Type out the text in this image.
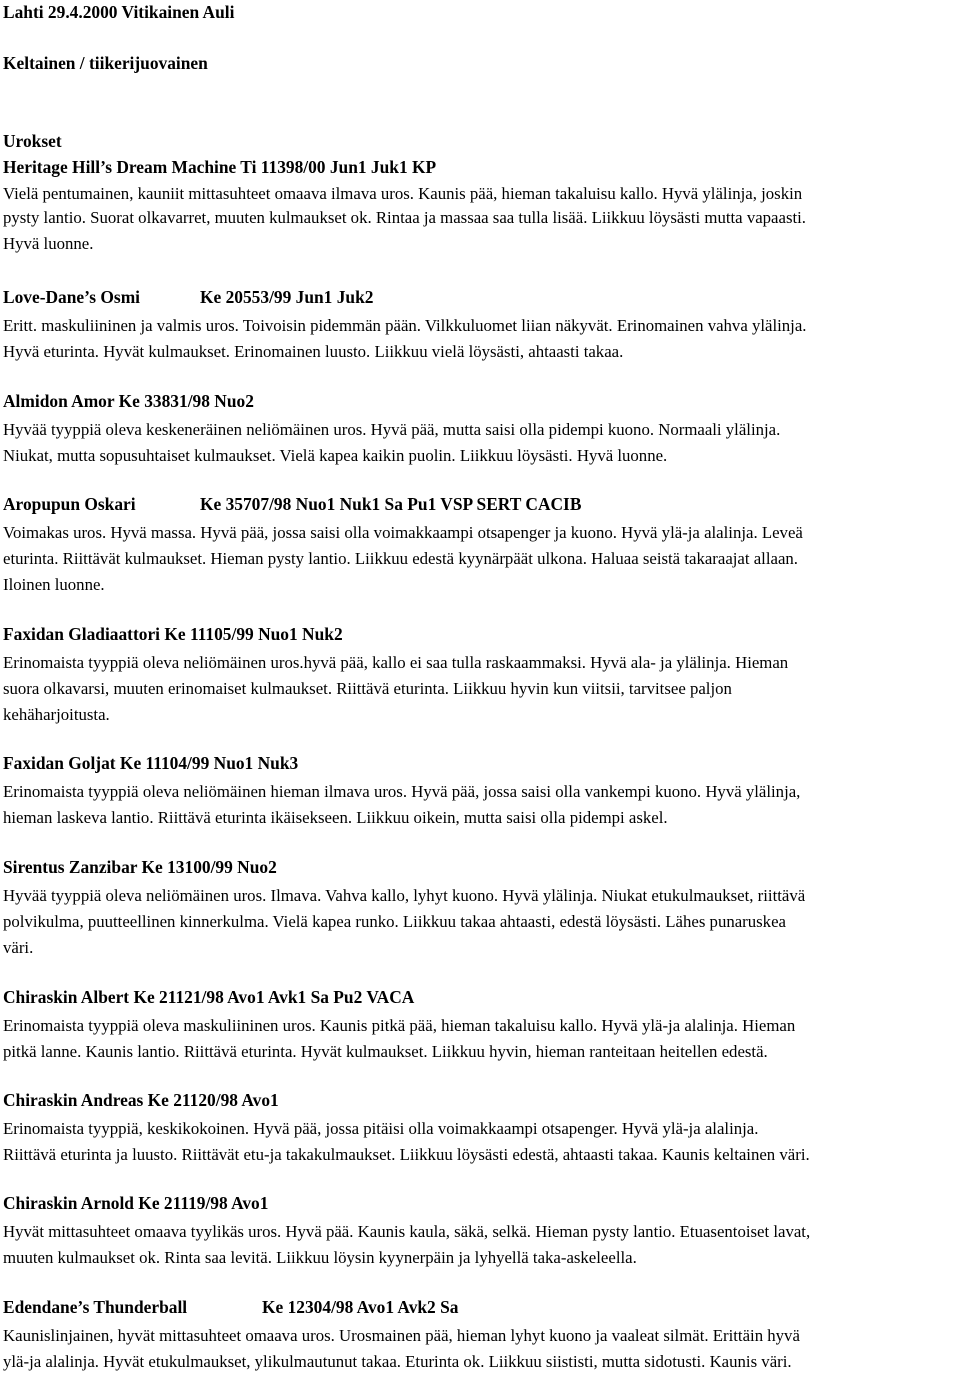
Lahti 29.4.2000 Vitikainen Auli
Keltainen / tiikerijuovainen
Urokset
Heritage Hill’s Dream Machine Ti 11398/00 Jun1 Juk1 KP
Vielä pentumainen, kauniit mittasuhteet omaava ilmava uros. Kaunis pää, hieman takaluisu kallo. Hyvä ylälinja, joskin
pysty lantio. Suorat olkavarret, muuten kulmaukset ok. Rintaa ja massaa saa tulla lisää. Liikkuu löysästi mutta vapaasti.
Hyvä luonne.
Love-Dane’s Osmi	Ke 20553/99 Jun1 Juk2
Eritt. maskuliininen ja valmis uros. Toivoisin pidemmän pään. Vilkkuluomet liian näkyvät. Erinomainen vahva ylälinja.
Hyvä eturinta. Hyvät kulmaukset. Erinomainen luusto. Liikkuu vielä löysästi, ahtaasti takaa.
Almidon Amor Ke 33831/98 Nuo2
Hyvää tyyppiä oleva keskeneräinen neliömäinen uros. Hyvä pää, mutta saisi olla pidempi kuono. Normaali ylälinja.
Niukat, mutta sopusuhtaiset kulmaukset. Vielä kapea kaikin puolin. Liikkuu löysästi. Hyvä luonne.
Aropupun Oskari	Ke 35707/98 Nuo1 Nuk1 Sa Pu1 VSP SERT CACIB
Voimakas uros. Hyvä massa. Hyvä pää, jossa saisi olla voimakkaampi otsapenger ja kuono. Hyvä ylä-ja alalinja. Leveä
eturinta. Riittävät kulmaukset. Hieman pysty lantio. Liikkuu edestä kyynärpäät ulkona. Haluaa seistä takaraajat allaan.
Iloinen luonne.
Faxidan Gladiaattori Ke 11105/99 Nuo1 Nuk2
Erinomaista tyyppiä oleva neliömäinen uros.hyvä pää, kallo ei saa tulla raskaammaksi. Hyvä ala- ja ylälinja. Hieman
suora olkavarsi, muuten erinomaiset kulmaukset. Riittävä eturinta. Liikkuu hyvin kun viitsii, tarvitsee paljon
kehäharjoitusta.
Faxidan Goljat Ke 11104/99 Nuo1 Nuk3
Erinomaista tyyppiä oleva neliömäinen hieman ilmava uros. Hyvä pää, jossa saisi olla vankempi kuono. Hyvä ylälinja,
hieman laskeva lantio. Riittävä eturinta ikäisekseen. Liikkuu oikein, mutta saisi olla pidempi askel.
Sirentus Zanzibar Ke 13100/99 Nuo2
Hyvää tyyppiä oleva neliömäinen uros. Ilmava. Vahva kallo, lyhyt kuono. Hyvä ylälinja. Niukat etukulmaukset, riittävä
polvikulma, puutteellinen kinnerkulma. Vielä kapea runko. Liikkuu takaa ahtaasti, edestä löysästi. Lähes punaruskea
väri.
Chiraskin Albert Ke 21121/98 Avo1 Avk1 Sa Pu2 VACA
Erinomaista tyyppiä oleva maskuliininen uros. Kaunis pitkä pää, hieman takaluisu kallo. Hyvä ylä-ja alalinja. Hieman
pitkä lanne. Kaunis lantio. Riittävä eturinta. Hyvät kulmaukset. Liikkuu hyvin, hieman ranteitaan heitellen edestä.
Chiraskin Andreas Ke 21120/98 Avo1
Erinomaista tyyppiä, keskikokoinen. Hyvä pää, jossa pitäisi olla voimakkaampi otsapenger. Hyvä ylä-ja alalinja.
Riittävä eturinta ja luusto. Riittävät etu-ja takakulmaukset. Liikkuu löysästi edestä, ahtaasti takaa. Kaunis keltainen väri.
Chiraskin Arnold Ke 21119/98 Avo1
Hyvät mittasuhteet omaava tyylikäs uros. Hyvä pää. Kaunis kaula, säkä, selkä. Hieman pysty lantio. Etuasentoiset lavat,
muuten kulmaukset ok. Rinta saa levitä. Liikkuu löysin kyynerpäin ja lyhyellä taka-askeleella.
Edendane’s Thunderball	Ke 12304/98 Avo1 Avk2 Sa
Kaunislinjainen, hyvät mittasuhteet omaava uros. Urosmainen pää, hieman lyhyt kuono ja vaaleat silmät. Erittäin hyvä
ylä-ja alalinja. Hyvät etukulmaukset, ylikulmautunut takaa. Eturinta ok. Liikkuu siististi, mutta sidotusti. Kaunis väri.
